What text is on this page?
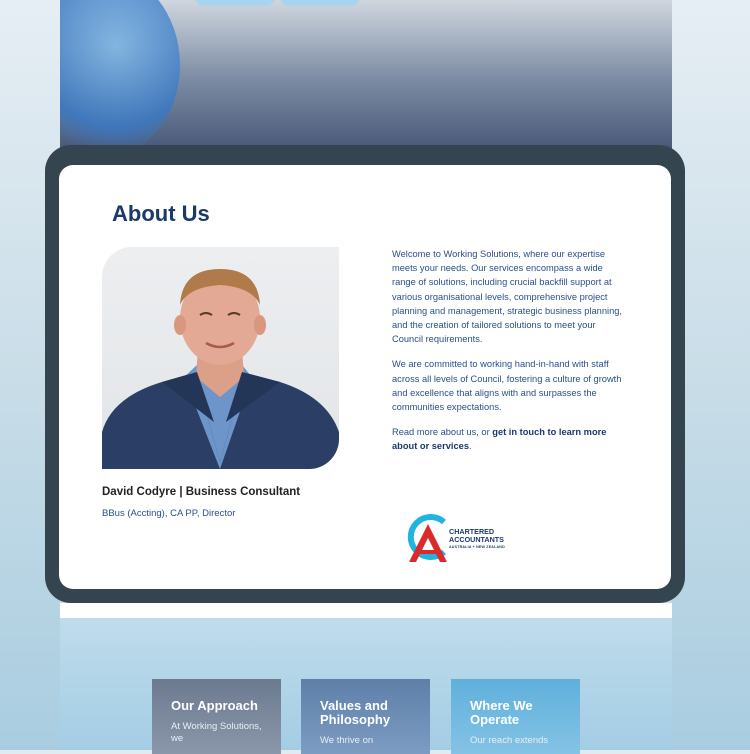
About Us
David Codyre | Business Consultant
BBus (Accting), CA PP, Director

Welcome to Working Solutions, where our expertise meets your needs. Our services encompass a wide range of solutions, including crucial backfill support at various organisational levels, comprehensive project planning and management, strategic business planning, and the creation of tailored solutions to meet your Council requirements.

We are committed to working hand-in-hand with staff across all levels of Council, fostering a culture of growth and excellence that aligns with and surpasses the communities expectations.

Read more about us, or get in touch to learn more about or services.

CHARTERED
ACCOUNTANTS
AUSTRALIA + NEW ZEALAND
Our Approach

At Working Solutions, we

Values and Philosophy

We thrive on

Where We Operate

Our reach extends
